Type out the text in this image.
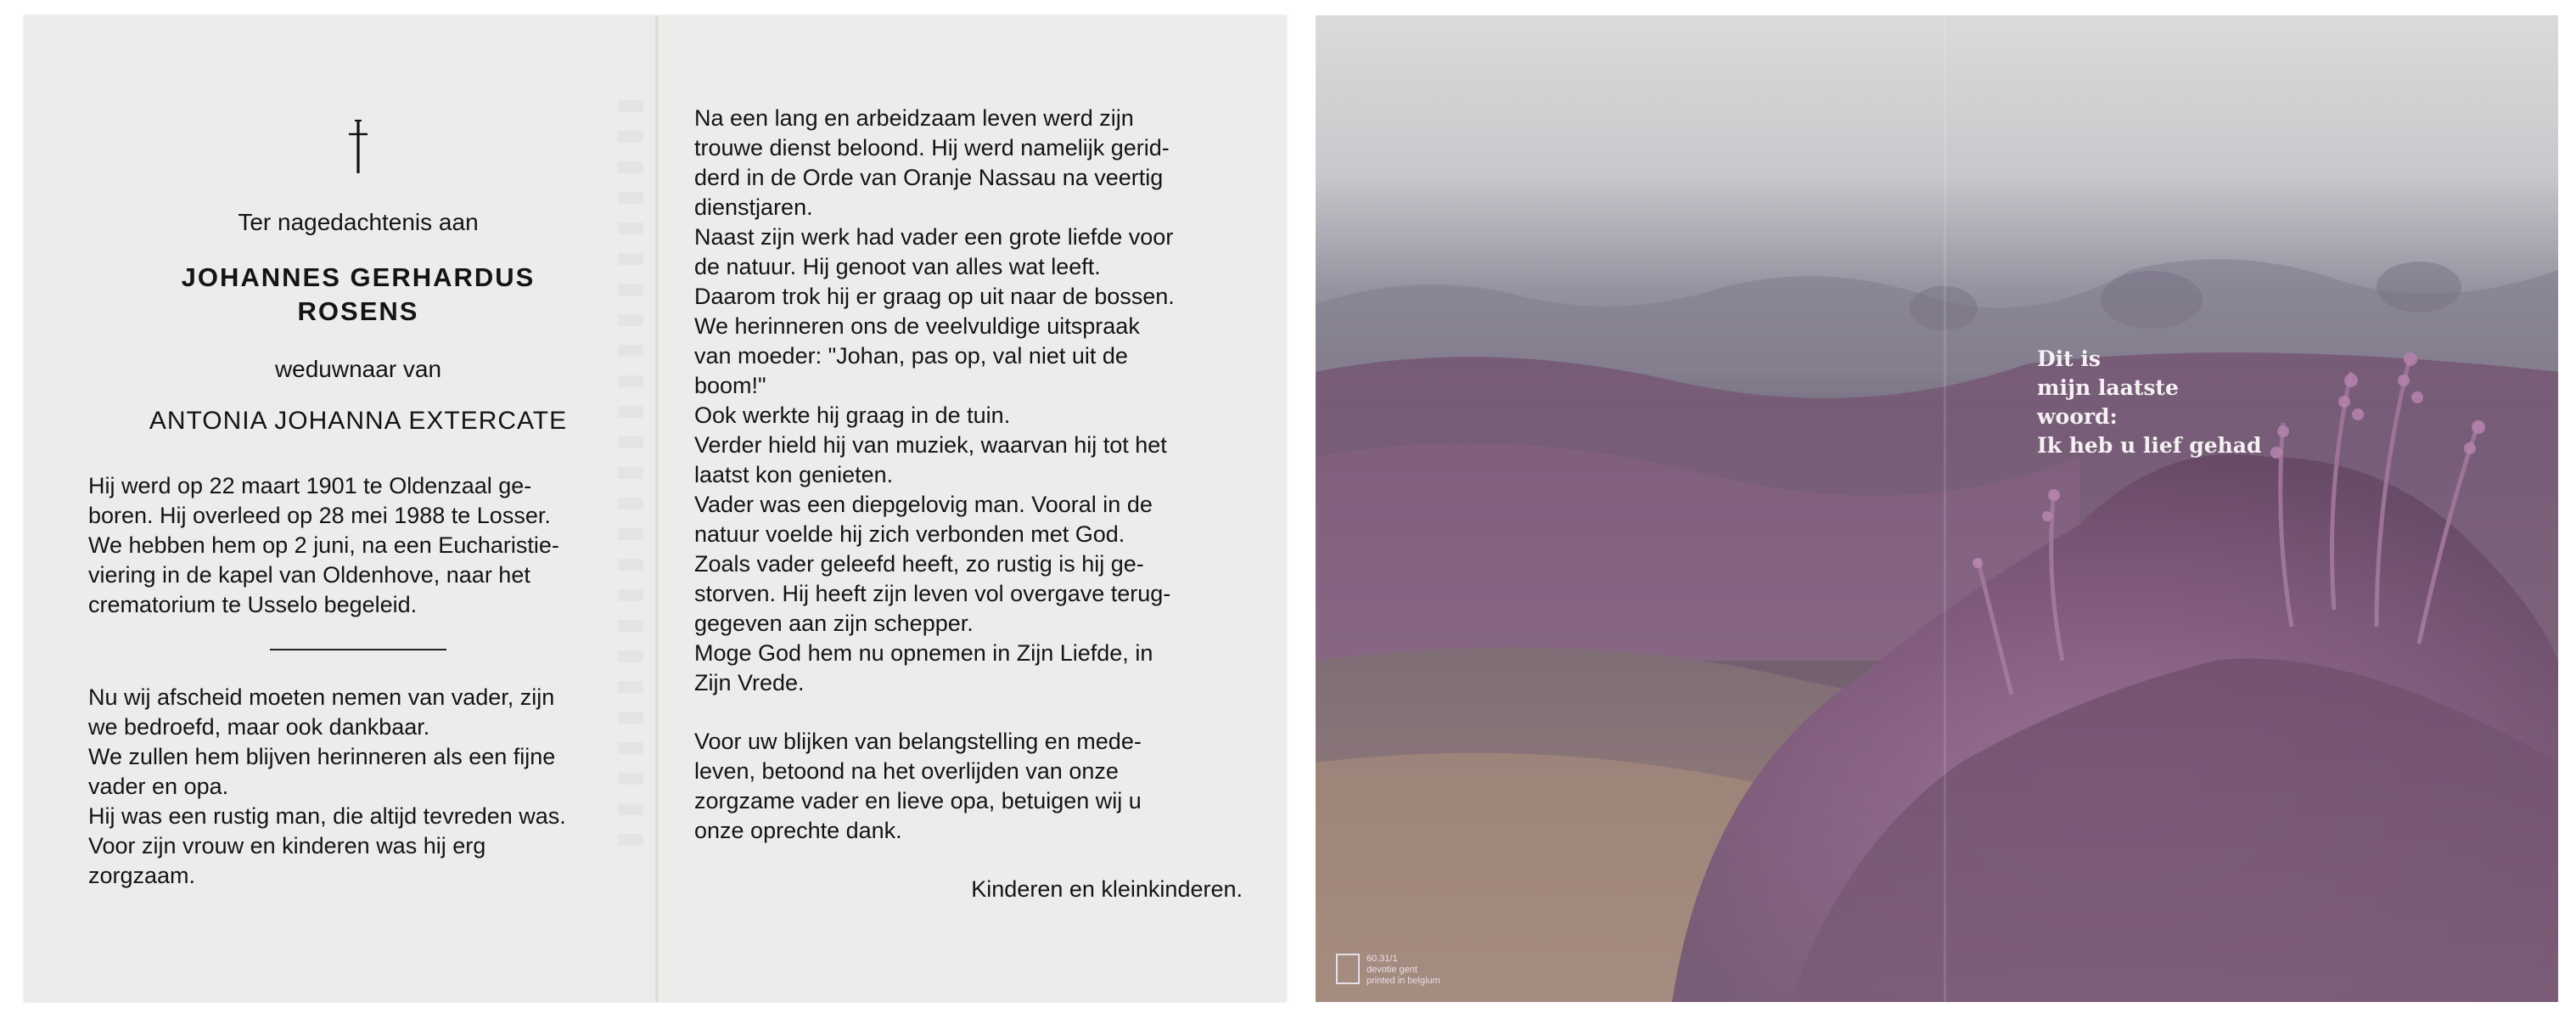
Ter nagedachtenis aan
JOHANNES GERHARDUS
ROSENS
weduwnaar van
ANTONIA JOHANNA EXTERCATE
Hij werd op 22 maart 1901 te Oldenzaal ge-
boren. Hij overleed op 28 mei 1988 te Losser.
We hebben hem op 2 juni, na een Eucharistie-
viering in de kapel van Oldenhove, naar het
crematorium te Usselo begeleid.
Nu wij afscheid moeten nemen van vader, zijn
we bedroefd, maar ook dankbaar.
We zullen hem blijven herinneren als een fijne
vader en opa.
Hij was een rustig man, die altijd tevreden was.
Voor zijn vrouw en kinderen was hij erg
zorgzaam.
Na een lang en arbeidzaam leven werd zijn
trouwe dienst beloond. Hij werd namelijk gerid-
derd in de Orde van Oranje Nassau na veertig
dienstjaren.
Naast zijn werk had vader een grote liefde voor
de natuur. Hij genoot van alles wat leeft.
Daarom trok hij er graag op uit naar de bossen.
We herinneren ons de veelvuldige uitspraak
van moeder: "Johan, pas op, val niet uit de
boom!"
Ook werkte hij graag in de tuin.
Verder hield hij van muziek, waarvan hij tot het
laatst kon genieten.
Vader was een diepgelovig man. Vooral in de
natuur voelde hij zich verbonden met God.
Zoals vader geleefd heeft, zo rustig is hij ge-
storven. Hij heeft zijn leven vol overgave terug-
gegeven aan zijn schepper.
Moge God hem nu opnemen in Zijn Liefde, in
Zijn Vrede.
Voor uw blijken van belangstelling en mede-
leven, betoond na het overlijden van onze
zorgzame vader en lieve opa, betuigen wij u
onze oprechte dank.
Kinderen en kleinkinderen.
Dit is
mijn laatste
woord:
Ik heb u lief gehad
60.31/1
devotie gent
printed in belgium
